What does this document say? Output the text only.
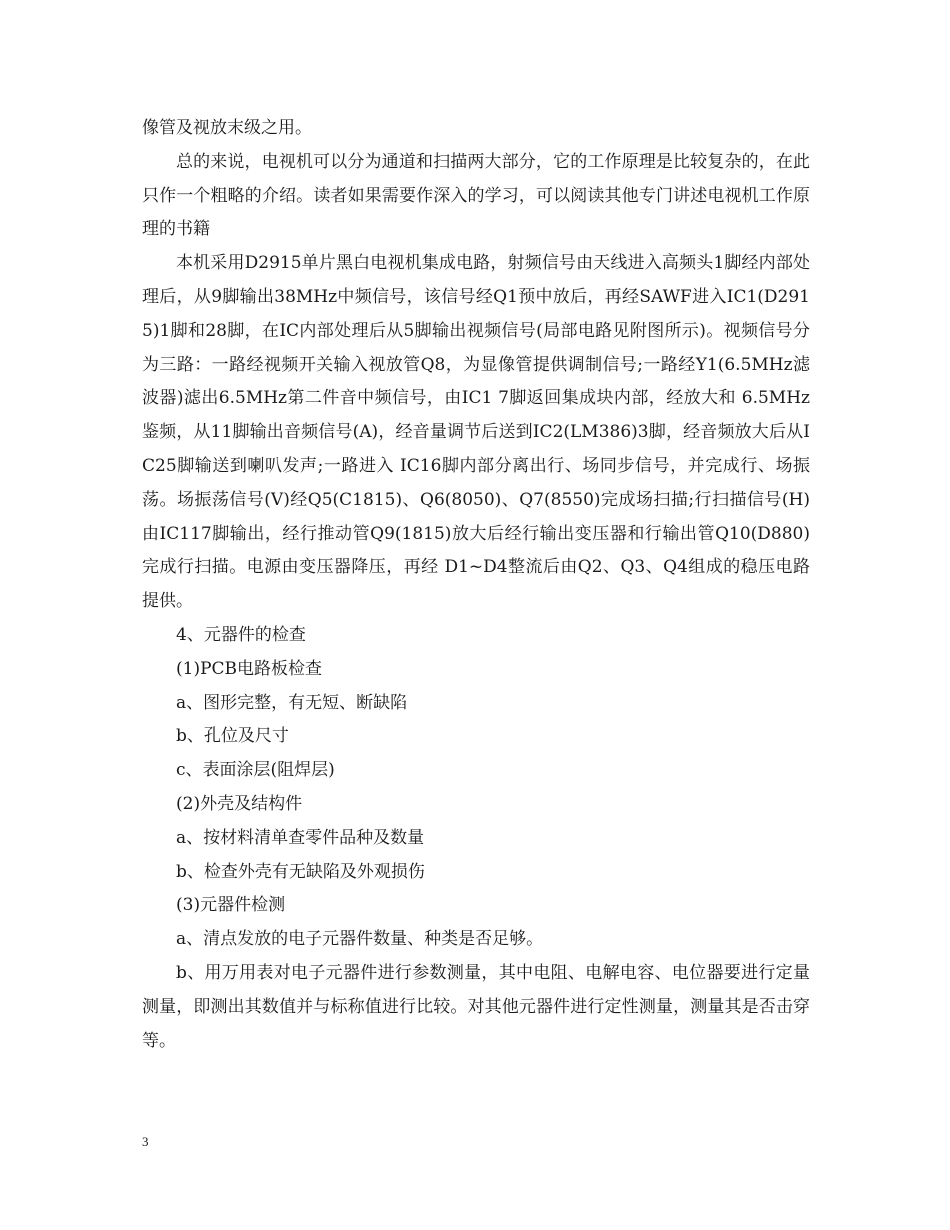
像管及视放末级之用。

总的来说，电视机可以分为通道和扫描两大部分，它的工作原理是比较复杂的，在此只作一个粗略的介绍。读者如果需要作深入的学习，可以阅读其他专门讲述电视机工作原理的书籍

本机采用D2915单片黑白电视机集成电路，射频信号由天线进入高频头1脚经内部处理后，从9脚输出38MHz中频信号，该信号经Q1预中放后，再经SAWF进入IC1(D2915)1脚和28脚，在IC内部处理后从5脚输出视频信号(局部电路见附图所示)。视频信号分为三路：一路经视频开关输入视放管Q8，为显像管提供调制信号;一路经Y1(6.5MHz滤波器)滤出6.5MHz第二件音中频信号，由IC1 7脚返回集成块内部，经放大和 6.5MHz 鉴频，从11脚输出音频信号(A)，经音量调节后送到IC2(LM386)3脚，经音频放大后从IC25脚输送到喇叭发声;一路进入 IC16脚内部分离出行、场同步信号，并完成行、场振荡。场振荡信号(V)经Q5(C1815)、Q6(8050)、Q7(8550)完成场扫描;行扫描信号(H)由IC117脚输出，经行推动管Q9(1815)放大后经行输出变压器和行输出管Q10(D880)完成行扫描。电源由变压器降压，再经 D1~D4整流后由Q2、Q3、Q4组成的稳压电路提供。

4、元器件的检查

(1)PCB电路板检查

a、图形完整，有无短、断缺陷

b、孔位及尺寸

c、表面涂层(阻焊层)

(2)外壳及结构件

a、按材料清单查零件品种及数量

b、检查外壳有无缺陷及外观损伤

(3)元器件检测

a、清点发放的电子元器件数量、种类是否足够。

b、用万用表对电子元器件进行参数测量，其中电阻、电解电容、电位器要进行定量测量，即测出其数值并与标称值进行比较。对其他元器件进行定性测量，测量其是否击穿等。

3
